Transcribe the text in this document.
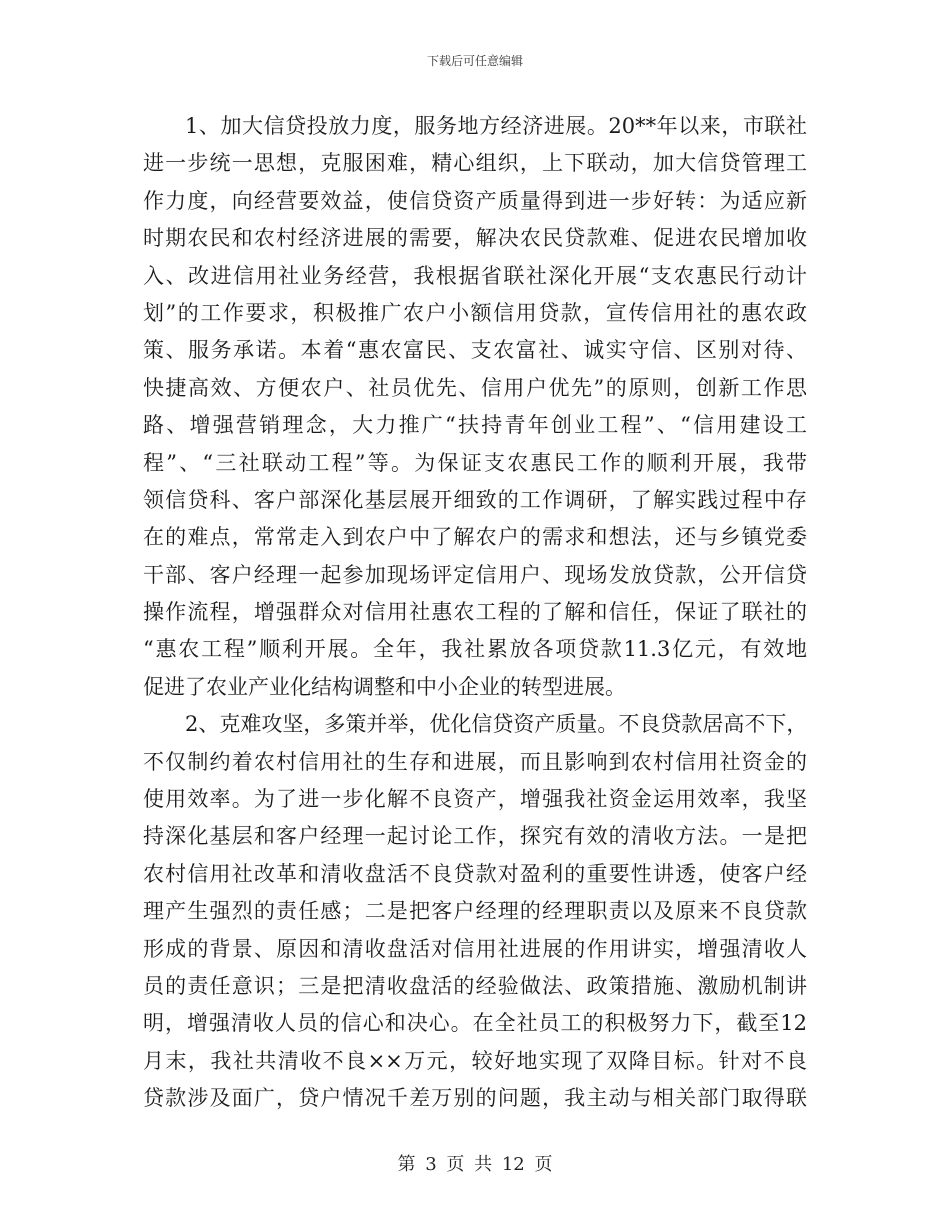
下载后可任意编辑
1、加大信贷投放力度，服务地方经济进展。20**年以来，市联社
进一步统一思想，克服困难，精心组织，上下联动，加大信贷管理工
作力度，向经营要效益，使信贷资产质量得到进一步好转：为适应新
时期农民和农村经济进展的需要，解决农民贷款难、促进农民增加收
入、改进信用社业务经营，我根据省联社深化开展“支农惠民行动计
划”的工作要求，积极推广农户小额信用贷款，宣传信用社的惠农政
策、服务承诺。本着“惠农富民、支农富社、诚实守信、区别对待、
快捷高效、方便农户、社员优先、信用户优先”的原则，创新工作思
路、增强营销理念，大力推广“扶持青年创业工程”、“信用建设工
程”、“三社联动工程”等。为保证支农惠民工作的顺利开展，我带
领信贷科、客户部深化基层展开细致的工作调研，了解实践过程中存
在的难点，常常走入到农户中了解农户的需求和想法，还与乡镇党委
干部、客户经理一起参加现场评定信用户、现场发放贷款，公开信贷
操作流程，增强群众对信用社惠农工程的了解和信任，保证了联社的
“惠农工程”顺利开展。全年，我社累放各项贷款11.3亿元，有效地
促进了农业产业化结构调整和中小企业的转型进展。
2、克难攻坚，多策并举，优化信贷资产质量。不良贷款居高不下，
不仅制约着农村信用社的生存和进展，而且影响到农村信用社资金的
使用效率。为了进一步化解不良资产，增强我社资金运用效率，我坚
持深化基层和客户经理一起讨论工作，探究有效的清收方法。一是把
农村信用社改革和清收盘活不良贷款对盈利的重要性讲透，使客户经
理产生强烈的责任感；二是把客户经理的经理职责以及原来不良贷款
形成的背景、原因和清收盘活对信用社进展的作用讲实，增强清收人
员的责任意识；三是把清收盘活的经验做法、政策措施、激励机制讲
明，增强清收人员的信心和决心。在全社员工的积极努力下，截至12
月末，我社共清收不良××万元，较好地实现了双降目标。针对不良
贷款涉及面广，贷户情况千差万别的问题，我主动与相关部门取得联
第 3 页 共 12 页
